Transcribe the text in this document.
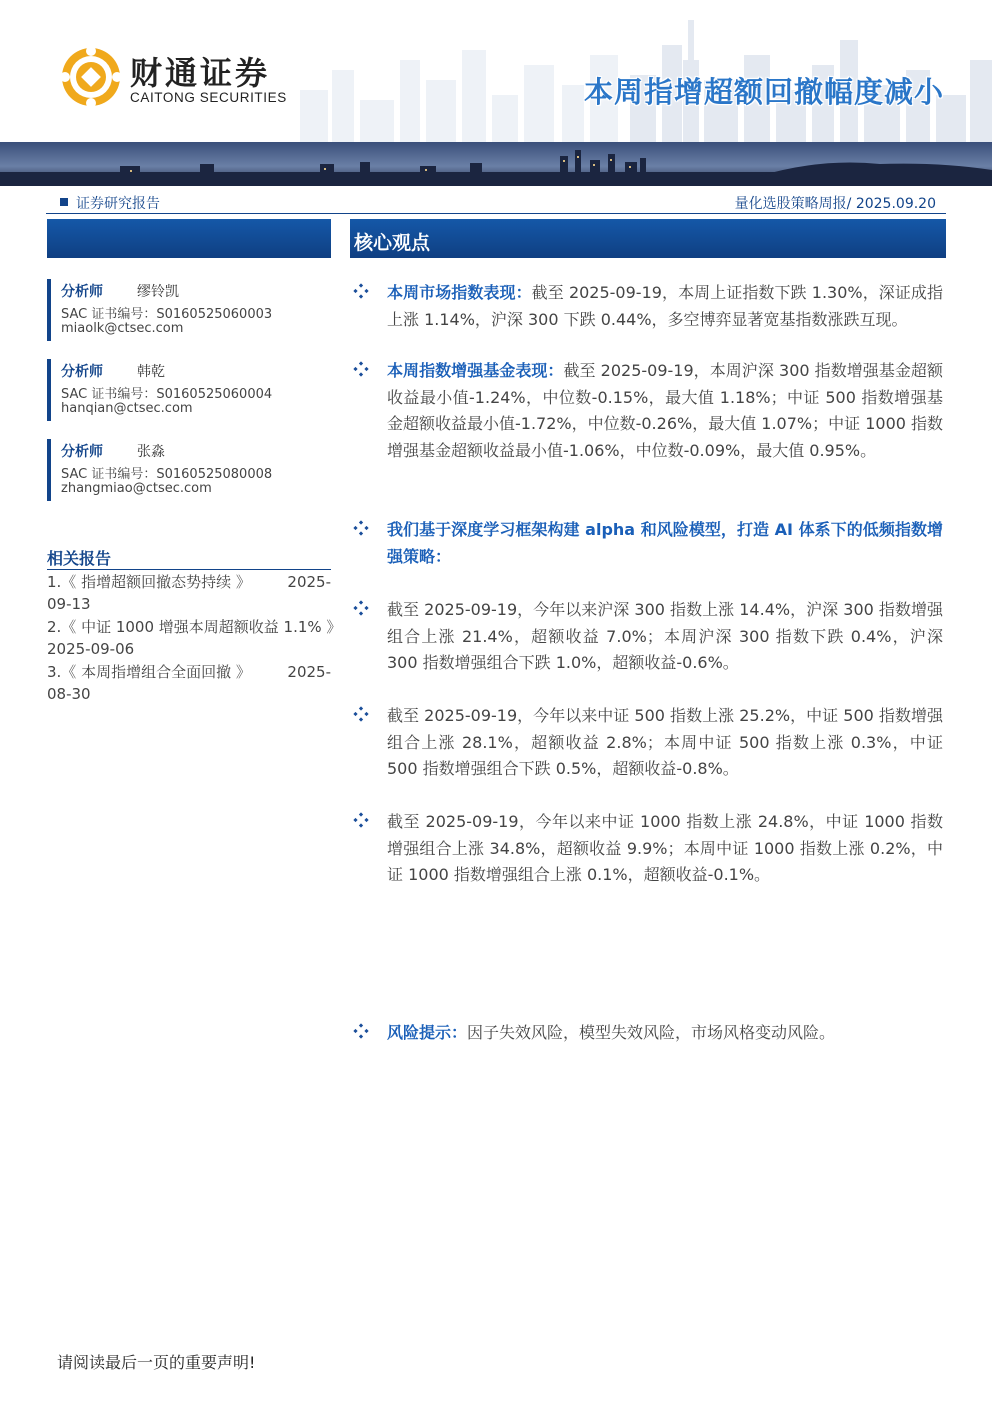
财通证券
CAITONG SECURITIES	本周指增超额回撤幅度减小
证券研究报告	量化选股策略周报/ 2025.09.20
分析师 缪铃凯
SAC 证书编号：S0160525060003
miaolk@ctsec.com
分析师 韩乾
SAC 证书编号：S0160525060004
hanqian@ctsec.com
分析师 张淼
SAC 证书编号：S0160525080008
zhangmiao@ctsec.com
相关报告
1.《 指增超额回撤态势持续 》	2025-
09-13
2.《 中证 1000 增强本周超额收益 1.1% 》
2025-09-06
3.《 本周指增组合全面回撤 》	2025-
08-30
核心观点
本周市场指数表现：截至 2025-09-19，本周上证指数下跌 1.30%，深证成指上涨 1.14%，沪深 300 下跌 0.44%，多空博弈显著宽基指数涨跌互现。
本周指数增强基金表现：截至 2025-09-19，本周沪深 300 指数增强基金超额收益最小值-1.24%，中位数-0.15%，最大值 1.18%；中证 500 指数增强基金超额收益最小值-1.72%，中位数-0.26%，最大值 1.07%；中证 1000 指数增强基金超额收益最小值-1.06%，中位数-0.09%，最大值 0.95%。
我们基于深度学习框架构建 alpha 和风险模型，打造 AI 体系下的低频指数增强策略：
截至 2025-09-19，今年以来沪深 300 指数上涨 14.4%，沪深 300 指数增强组合上涨 21.4%，超额收益 7.0%；本周沪深 300 指数下跌 0.4%，沪深 300 指数增强组合下跌 1.0%，超额收益-0.6%。
截至 2025-09-19，今年以来中证 500 指数上涨 25.2%，中证 500 指数增强组合上涨 28.1%，超额收益 2.8%；本周中证 500 指数上涨 0.3%，中证 500 指数增强组合下跌 0.5%，超额收益-0.8%。
截至 2025-09-19，今年以来中证 1000 指数上涨 24.8%，中证 1000 指数增强组合上涨 34.8%，超额收益 9.9%；本周中证 1000 指数上涨 0.2%，中证 1000 指数增强组合上涨 0.1%，超额收益-0.1%。
风险提示：因子失效风险，模型失效风险，市场风格变动风险。
请阅读最后一页的重要声明!
